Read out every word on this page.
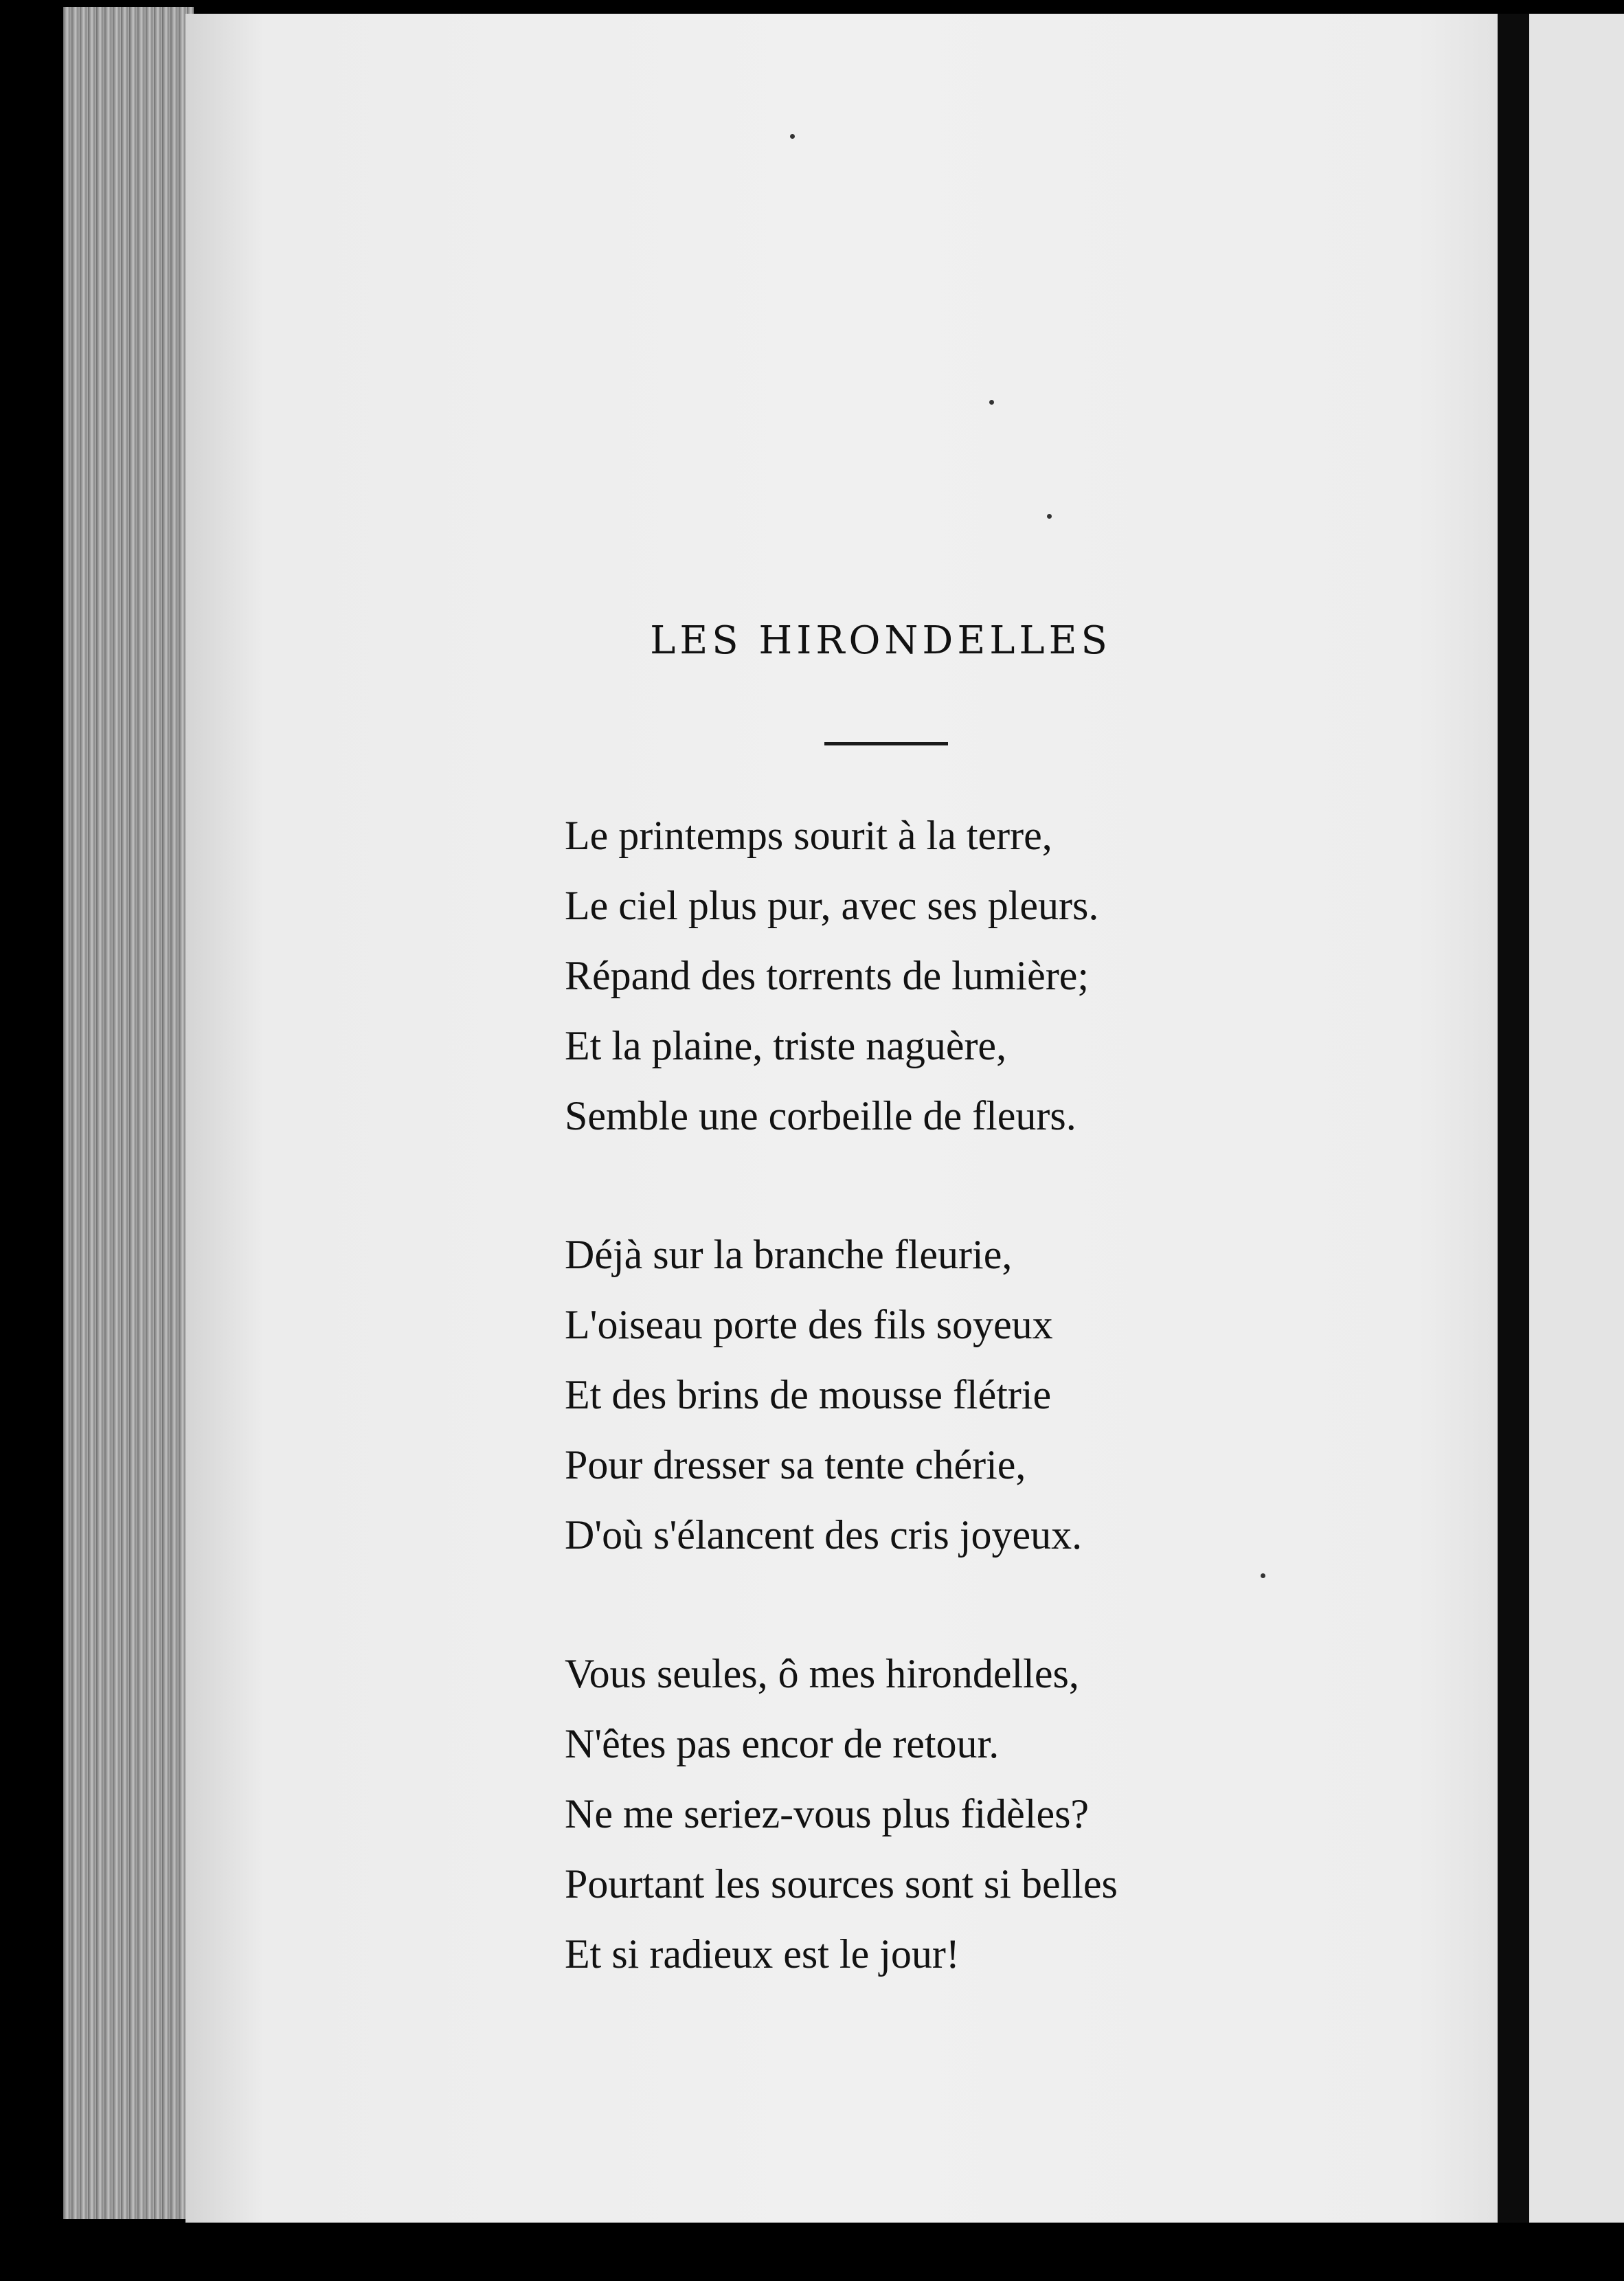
LES HIRONDELLES
Le printemps sourit à la terre,
Le ciel plus pur, avec ses pleurs.
Répand des torrents de lumière;
Et la plaine, triste naguère,
Semble une corbeille de fleurs.
Déjà sur la branche fleurie,
L'oiseau porte des fils soyeux
Et des brins de mousse flétrie
Pour dresser sa tente chérie,
D'où s'élancent des cris joyeux.
Vous seules, ô mes hirondelles,
N'êtes pas encor de retour.
Ne me seriez-vous plus fidèles?
Pourtant les sources sont si belles
Et si radieux est le jour!
